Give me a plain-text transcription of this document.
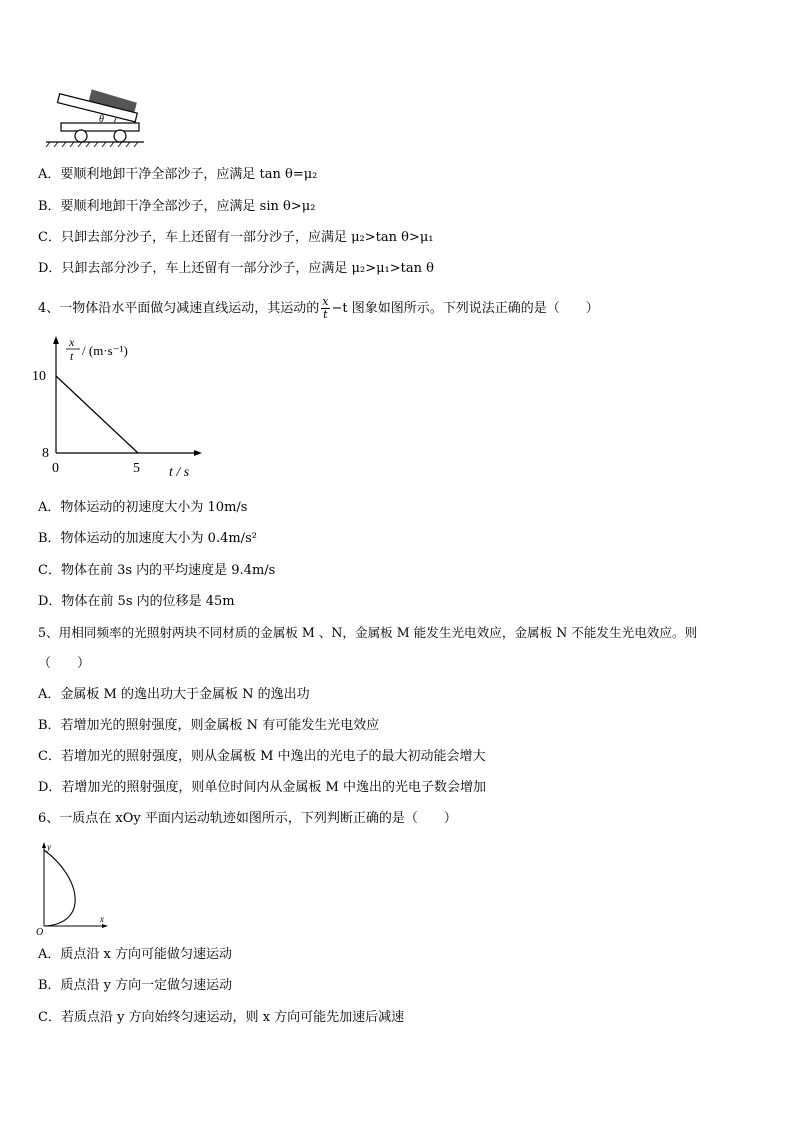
θ
A．要顺利地卸干净全部沙子，应满足 tan θ=μ₂
B．要顺利地卸干净全部沙子，应满足 sin θ>μ₂
C．只卸去部分沙子，车上还留有一部分沙子，应满足 μ₂>tan θ>μ₁
D．只卸去部分沙子，车上还留有一部分沙子，应满足 μ₂>μ₁>tan θ
4、一物体沿水平面做匀减速直线运动，其运动的 $\frac{x}{t} -t$ 图象如图所示。下列说法正确的是（　　）
x
t / (m·s⁻¹)
10
8
0	5 t / s
A．物体运动的初速度大小为 10m/s
B．物体运动的加速度大小为 0.4m/s²
C．物体在前 3s 内的平均速度是 9.4m/s
D．物体在前 5s 内的位移是 45m
5、用相同频率的光照射两块不同材质的金属板 M 、N，金属板 M 能发生光电效应，金属板 N 不能发生光电效应。则
（　　）
A．金属板 M 的逸出功大于金属板 N 的逸出功
B．若增加光的照射强度，则金属板 N 有可能发生光电效应
C．若增加光的照射强度，则从金属板 M 中逸出的光电子的最大初动能会增大
D．若增加光的照射强度，则单位时间内从金属板 M 中逸出的光电子数会增加
6、一质点在 xOy 平面内运动轨迹如图所示，下列判断正确的是（　　）
y
x
O
A．质点沿 x 方向可能做匀速运动
B．质点沿 y 方向一定做匀速运动
C．若质点沿 y 方向始终匀速运动，则 x 方向可能先加速后减速
